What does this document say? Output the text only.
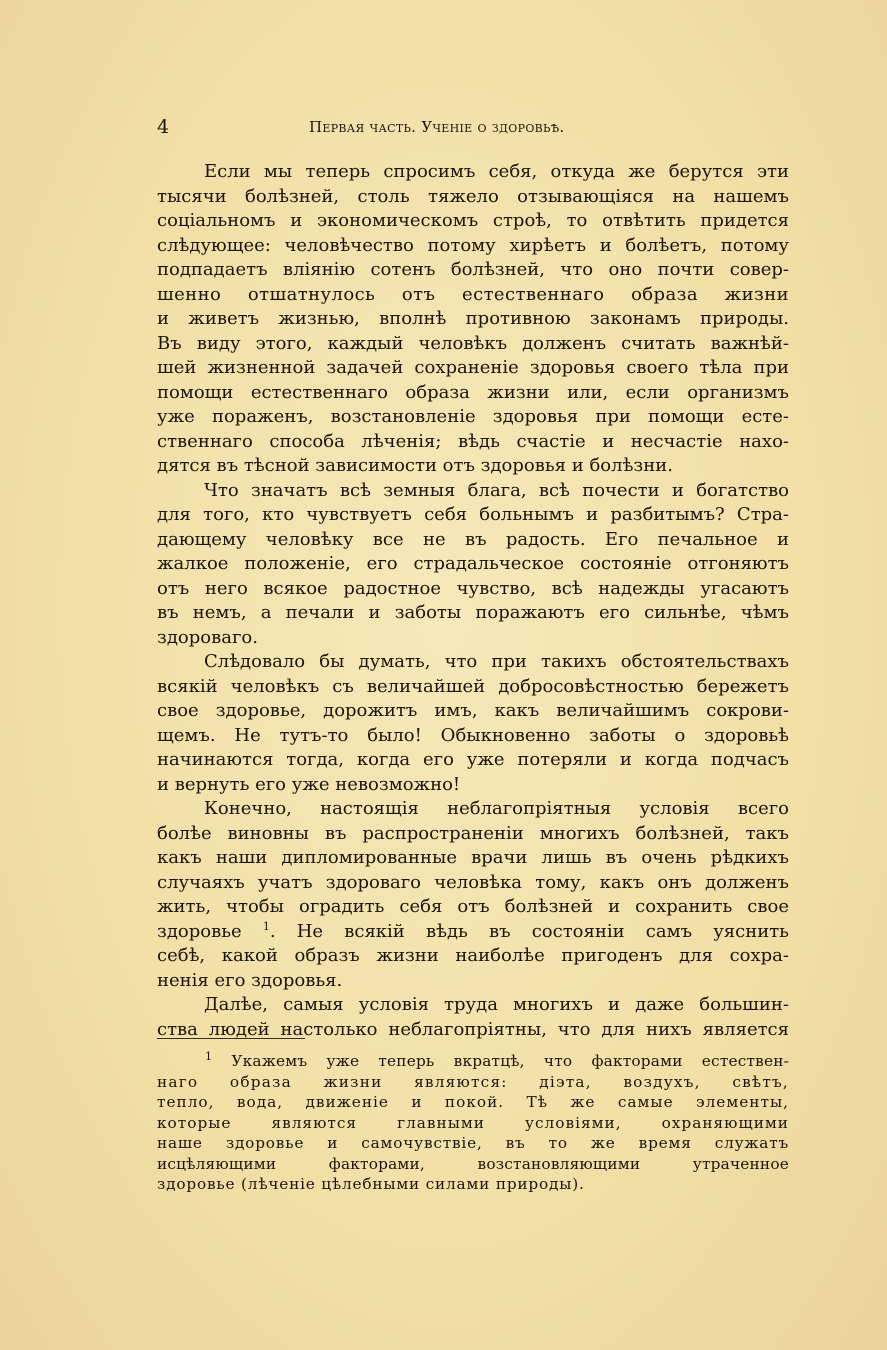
4	Первая часть. Ученіе о здоровьѣ.

Если мы теперь спросимъ себя, откуда же берутся эти
тысячи болѣзней, столь тяжело отзывающіяся на нашемъ
соціальномъ и экономическомъ строѣ, то отвѣтить придется
слѣдующее: человѣчество потому хирѣетъ и болѣетъ, потому
подпадаетъ вліянію сотенъ болѣзней, что оно почти совер-
шенно отшатнулось отъ естественнаго образа жизни
и живетъ жизнью, вполнѣ противною законамъ природы.
Въ виду этого, каждый человѣкъ долженъ считать важнѣй-
шей жизненной задачей сохраненіе здоровья своего тѣла при
помощи естественнаго образа жизни или, если организмъ
уже пораженъ, возстановленіе здоровья при помощи есте-
ственнаго способа лѣченія; вѣдь счастіе и несчастіе нахо-
дятся въ тѣсной зависимости отъ здоровья и болѣзни.

Что значатъ всѣ земныя блага, всѣ почести и богатство
для того, кто чувствуетъ себя больнымъ и разбитымъ? Стра-
дающему человѣку все не въ радость. Его печальное и
жалкое положеніе, его страдальческое состояніе отгоняютъ
отъ него всякое радостное чувство, всѣ надежды угасаютъ
въ немъ, а печали и заботы поражаютъ его сильнѣе, чѣмъ
здороваго.

Слѣдовало бы думать, что при такихъ обстоятельствахъ
всякій человѣкъ съ величайшей добросовѣстностью бережетъ
свое здоровье, дорожитъ имъ, какъ величайшимъ сокрови-
щемъ. Не тутъ-то было! Обыкновенно заботы о здоровьѣ
начинаются тогда, когда его уже потеряли и когда подчасъ
и вернуть его уже невозможно!

Конечно, настоящія неблагопріятныя условія всего
болѣе виновны въ распространеніи многихъ болѣзней, такъ
какъ наши дипломированные врачи лишь въ очень рѣдкихъ
случаяхъ учатъ здороваго человѣка тому, какъ онъ долженъ
жить, чтобы оградить себя отъ болѣзней и сохранить свое
здоровье $^1$. Не всякій вѣдь въ состояніи самъ уяснить
себѣ, какой образъ жизни наиболѣе пригоденъ для сохра-
ненія его здоровья.

Далѣе, самыя условія труда многихъ и даже большин-
ства людей настолько неблагопріятны, что для нихъ является

$^1$ Укажемъ уже теперь вкратцѣ, что факторами естествен-
наго образа жизни являются: діэта, воздухъ, свѣтъ,
тепло, вода, движеніе и покой. Тѣ же самые элементы,
которые являются главными условіями, охраняющими
наше здоровье и самочувствіе, въ то же время служатъ
исцѣляющими факторами, возстановляющими утраченное
здоровье (лѣченіе цѣлебными силами природы).
